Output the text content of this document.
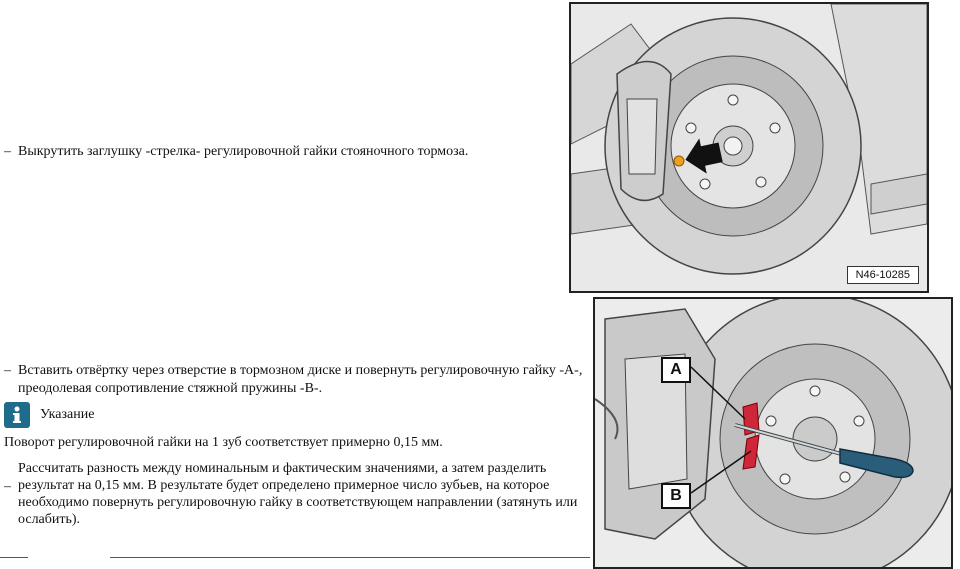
– Выкрутить заглушку -стрелка- регулировочной гайки стояночного тормоза.
– Вставить отвёртку через отверстие в тормозном диске и повернуть регулировочную гайку -A-, преодолевая сопротивление стяжной пружины -B-.
Указание
Поворот регулировочной гайки на 1 зуб соответствует примерно 0,15 мм.
–
Рассчитать разность между номинальным и фактическим значениями, а затем разделить результат на 0,15 мм. В результате будет определено примерное число зубьев, на которое необходимо повернуть регулировочную гайку в соответствующем направлении (затянуть или ослабить).
N46-10285
A
B
